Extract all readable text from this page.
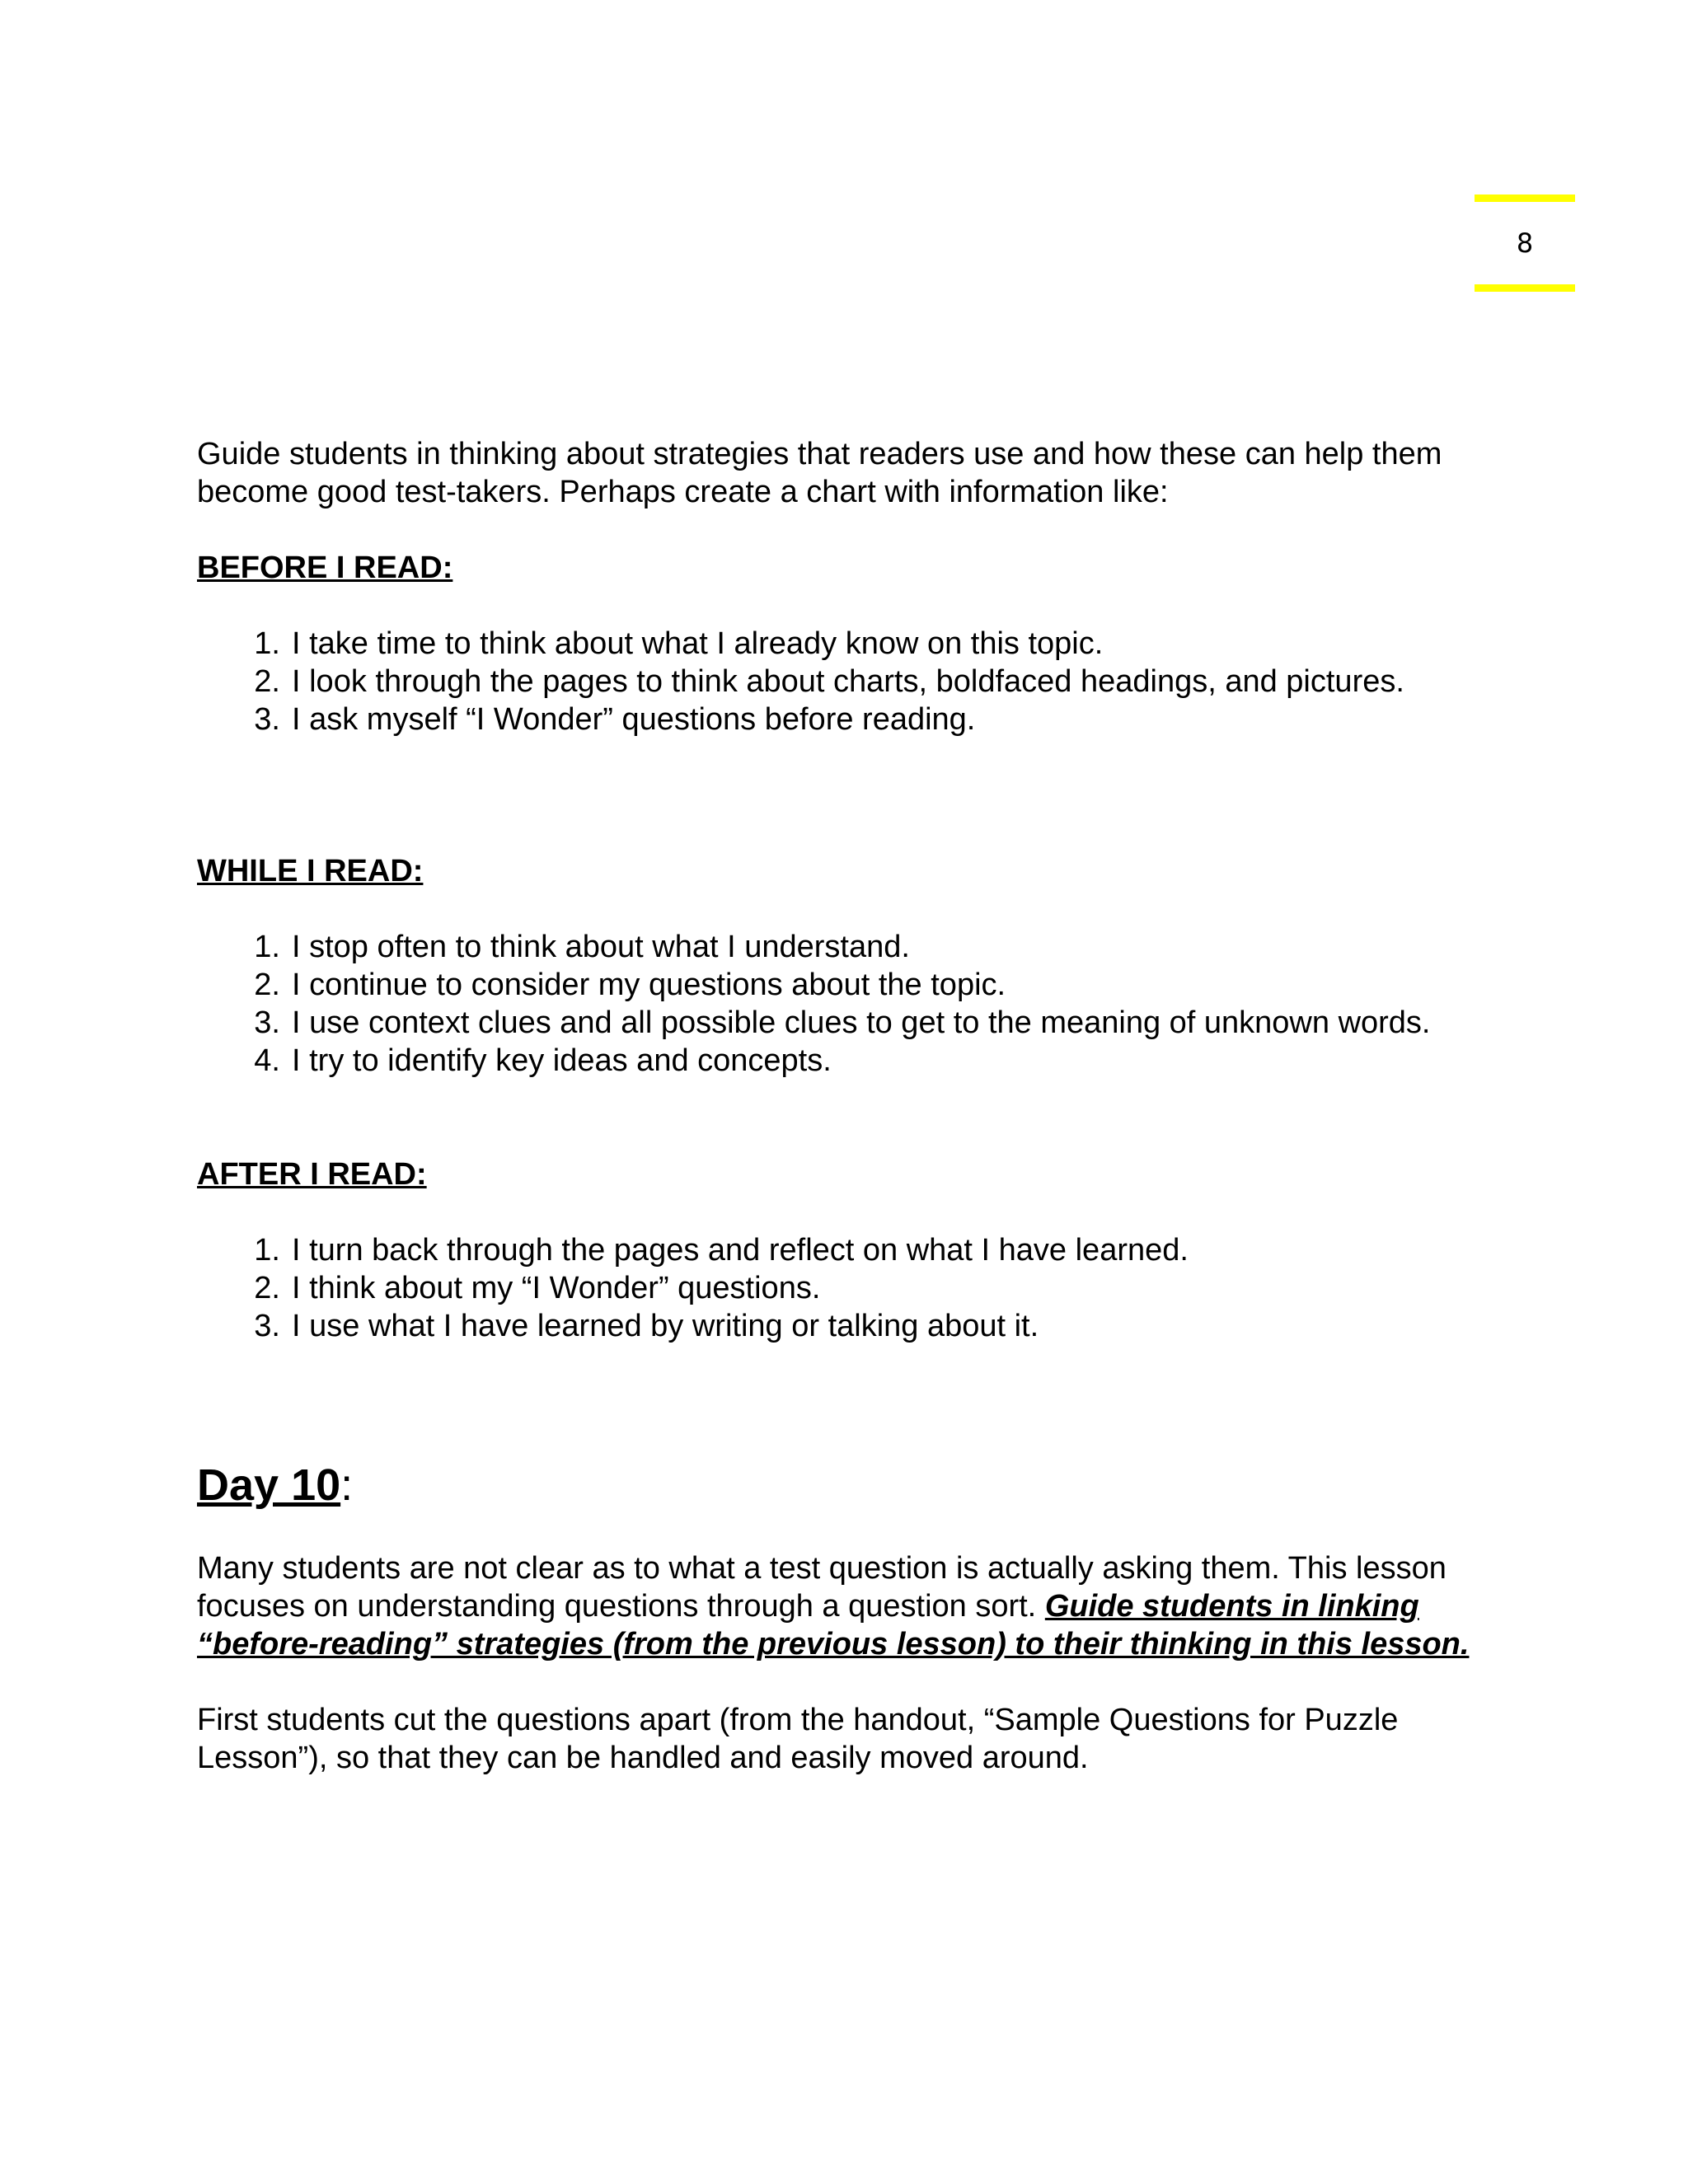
8

Guide students in thinking about strategies that readers use and how these can help them become good test-takers. Perhaps create a chart with information like:

BEFORE I READ:

1. I take time to think about what I already know on this topic.
2. I look through the pages to think about charts, boldfaced headings, and pictures.
3. I ask myself “I Wonder” questions before reading.

WHILE I READ:

1. I stop often to think about what I understand.
2. I continue to consider my questions about the topic.
3. I use context clues and all possible clues to get to the meaning of unknown words.
4. I try to identify key ideas and concepts.

AFTER I READ:

1. I turn back through the pages and reflect on what I have learned.
2. I think about my “I Wonder” questions.
3. I use what I have learned by writing or talking about it.

Day 10:

Many students are not clear as to what a test question is actually asking them. This lesson focuses on understanding questions through a question sort. Guide students in linking “before-reading” strategies (from the previous lesson) to their thinking in this lesson.

First students cut the questions apart (from the handout, “Sample Questions for Puzzle Lesson”), so that they can be handled and easily moved around.
